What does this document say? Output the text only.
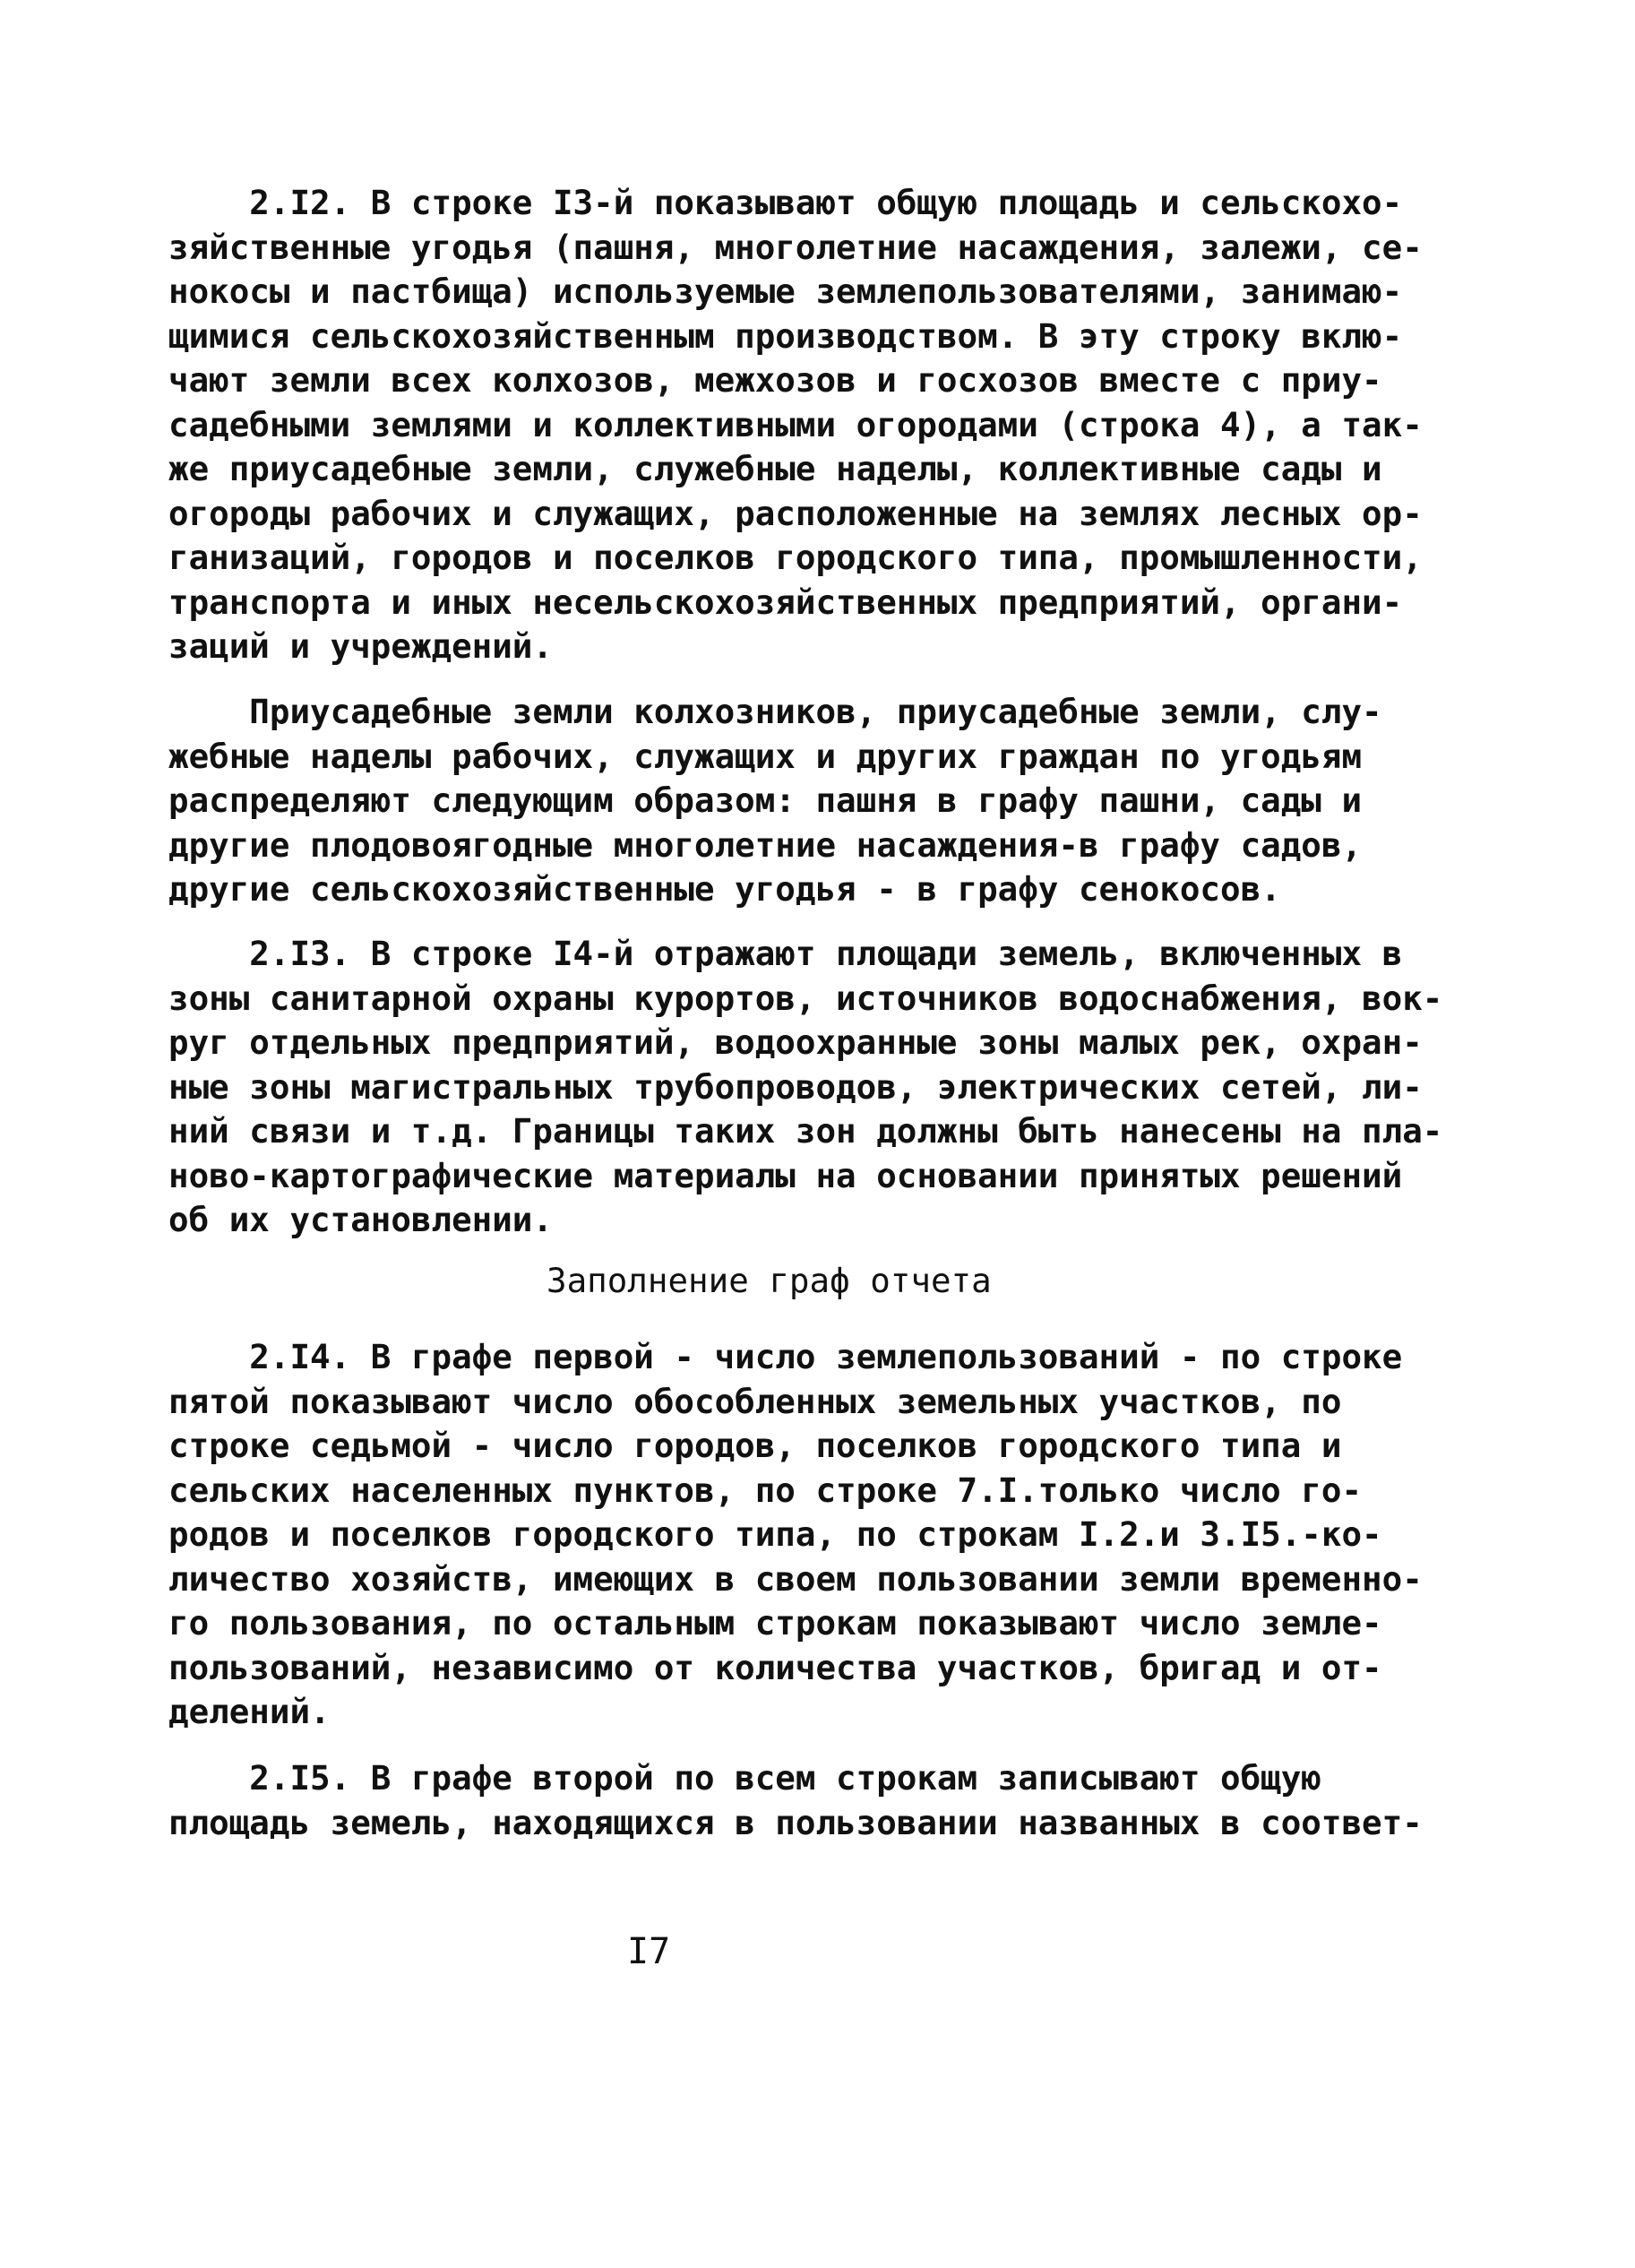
2.I2. В строке I3-й показывают общую площадь и сельскохо-
зяйственные угодья (пашня, многолетние насаждения, залежи, се-
нокосы и пастбища) используемые землепользователями, занимаю-
щимися сельскохозяйственным производством. В эту строку вклю-
чают земли всех колхозов, межхозов и госхозов вместе с приу-
садебными землями и коллективными огородами (строка 4), а так-
же приусадебные земли, служебные наделы, коллективные сады и
огороды рабочих и служащих, расположенные на землях лесных ор-
ганизаций, городов и поселков городского типа, промышленности,
транспорта и иных несельскохозяйственных предприятий, органи-
заций и учреждений.
Приусадебные земли колхозников, приусадебные земли, слу-
жебные наделы рабочих, служащих и других граждан по угодьям
распределяют следующим образом: пашня в графу пашни, сады и
другие плодовоягодные многолетние насаждения-в графу садов,
другие сельскохозяйственные угодья - в графу сенокосов.
2.I3. В строке I4-й отражают площади земель, включенных в
зоны санитарной охраны курортов, источников водоснабжения, вок-
руг отдельных предприятий, водоохранные зоны малых рек, охран-
ные зоны магистральных трубопроводов, электрических сетей, ли-
ний связи и т.д. Границы таких зон должны быть нанесены на пла-
ново-картографические материалы на основании принятых решений
об их установлении.
Заполнение граф отчета
2.I4. В графе первой - число землепользований - по строке
пятой показывают число обособленных земельных участков, по
строке седьмой - число городов, поселков городского типа и
сельских населенных пунктов, по строке 7.I.только число го-
родов и поселков городского типа, по строкам I.2.и 3.I5.-ко-
личество хозяйств, имеющих в своем пользовании земли временно-
го пользования, по остальным строкам показывают число земле-
пользований, независимо от количества участков, бригад и от-
делений.
2.I5. В графе второй по всем строкам записывают общую
площадь земель, находящихся в пользовании названных в соответ-
I7
